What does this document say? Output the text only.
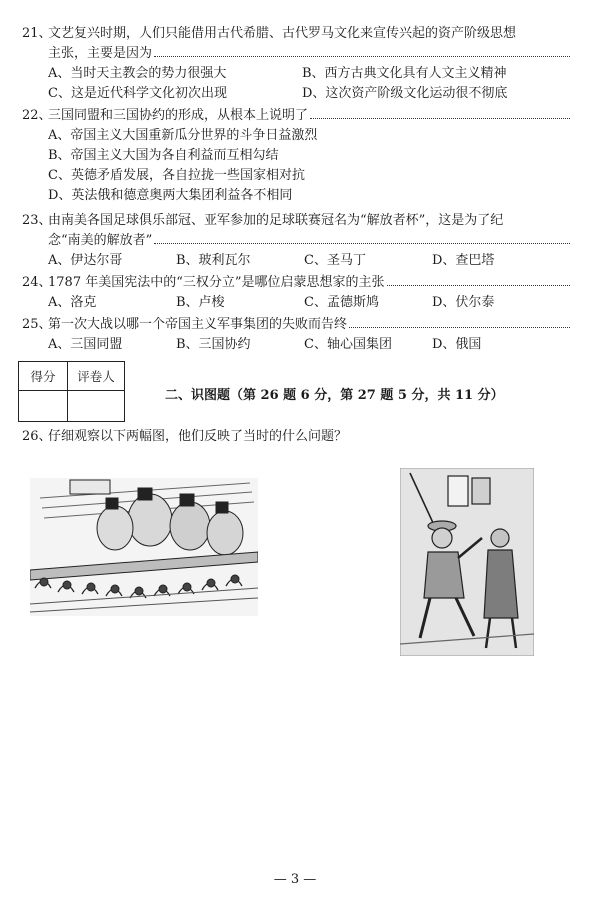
21、
文艺复兴时期，人们只能借用古代希腊、古代罗马文化来宣传兴起的资产阶级思想
主张，主要是因为
A、当时天主教会的势力很强大	B、西方古典文化具有人文主义精神
C、这是近代科学文化初次出现	D、这次资产阶级文化运动很不彻底
22、
三国同盟和三国协约的形成，从根本上说明了
A、帝国主义大国重新瓜分世界的斗争日益激烈
B、帝国主义大国为各自利益而互相勾结
C、英德矛盾发展，各自拉拢一些国家相对抗
D、英法俄和德意奥两大集团利益各不相同
23、
由南美各国足球俱乐部冠、亚军参加的足球联赛冠名为“解放者杯”，这是为了纪
念“南美的解放者”
A、伊达尔哥	B、玻利瓦尔	C、圣马丁	D、查巴塔
24、
1787 年美国宪法中的“三权分立”是哪位启蒙思想家的主张
A、洛克	B、卢梭	C、孟德斯鸠	D、伏尔泰
25、
第一次大战以哪一个帝国主义军事集团的失败而告终
A、三国同盟	B、三国协约	C、轴心国集团	D、俄国
得分	评卷人

二、识图题（第 26 题 6 分，第 27 题 5 分，共 11 分）
26、
仔细观察以下两幅图，他们反映了当时的什么问题？
— 3 —
